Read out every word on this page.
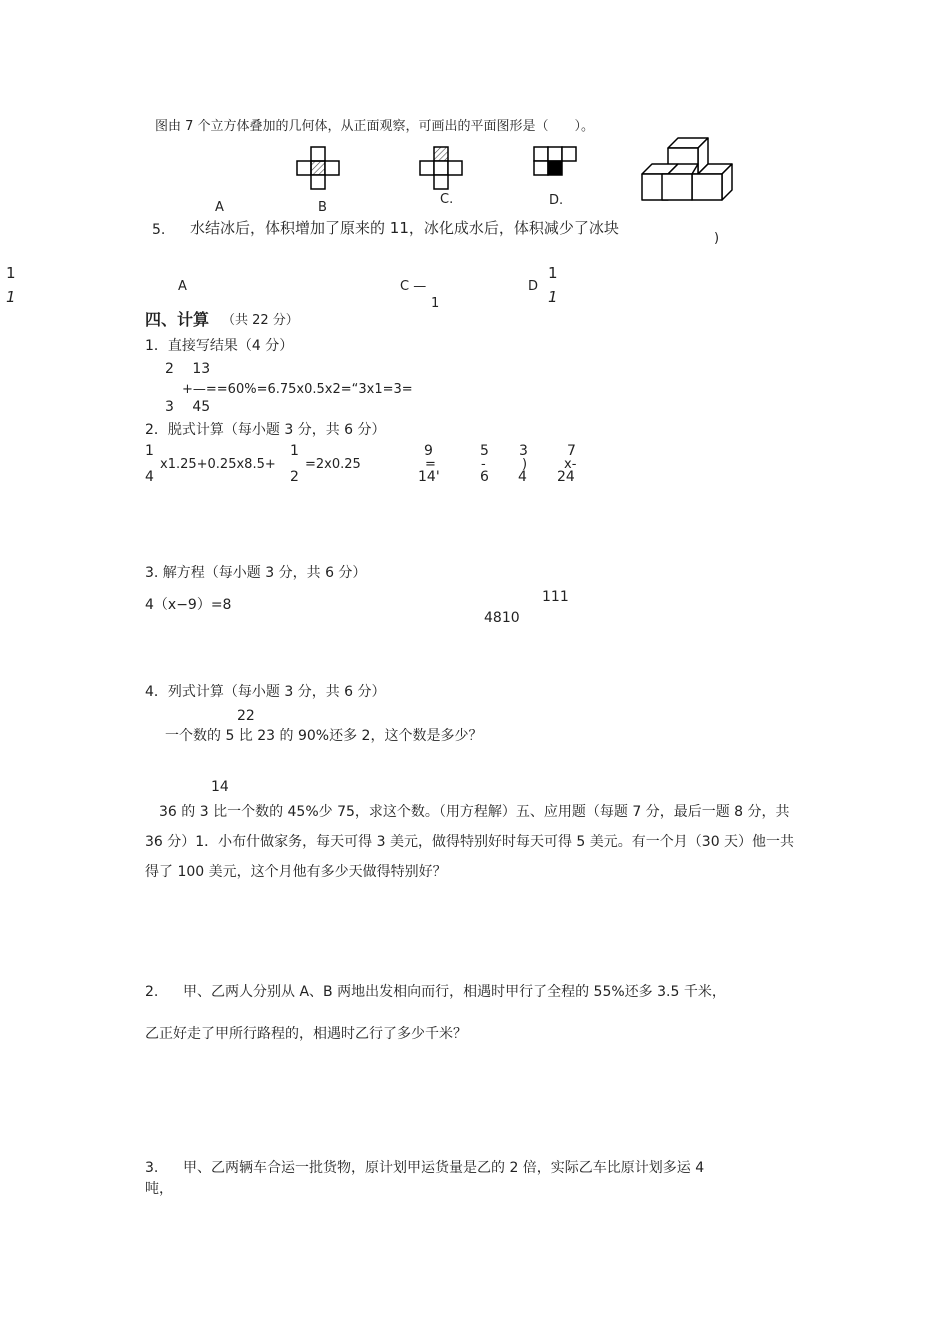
图由 7 个立方体叠加的几何体，从正面观察，可画出的平面图形是（　　）。
A	B
C.	D.
5. 水结冰后，体积增加了原来的 11，冰化成水后，体积减少了冰块
)
1
1
A	C —
1
D
1
1
四、计算 （共 22 分）
1．直接写结果（4 分）
2　 13
+—==60%=6.75x0.5x2=“3x1=3=
3　 45
2．脱式计算（每小题 3 分，共 6 分）
1
x1.25+0.25x8.5+
4
1
=2x0.25
2
9
=
14'
5
-
6
3
)
4
7
x-
24
3. 解方程（每小题 3 分，共 6 分）
4（x−9）=8	111
4810
4．列式计算（每小题 3 分，共 6 分）
22
一个数的 5 比 23 的 90%还多 2，这个数是多少？
14
36 的 3 比一个数的 45%少 75，求这个数。（用方程解）五、应用题（每题 7 分，最后一题 8 分，共 36 分）1．小布什做家务，每天可得 3 美元，做得特别好时每天可得 5 美元。有一个月（30 天）他一共得了 100 美元，这个月他有多少天做得特别好？
2. 甲、乙两人分别从 A、B 两地出发相向而行，相遇时甲行了全程的 55%还多 3.5 千米，
乙正好走了甲所行路程的，相遇时乙行了多少千米？
3. 甲、乙两辆车合运一批货物，原计划甲运货量是乙的 2 倍，实际乙车比原计划多运 4
吨，
